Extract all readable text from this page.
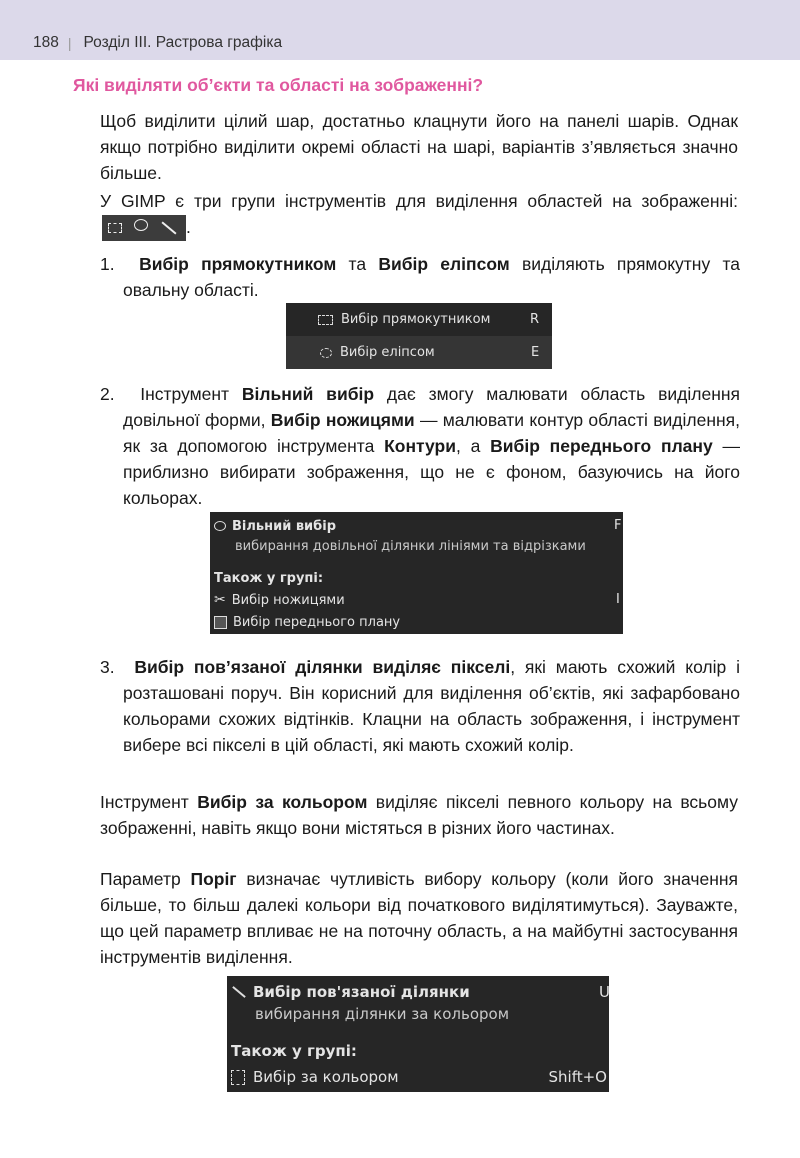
188 | Розділ III. Растрова графіка
Які виділяти об’єкти та області на зображенні?
Щоб виділити цілий шар, достатньо клацнути його на панелі шарів. Однак якщо потрібно виділити окремі області на шарі, варіантів з’являється значно більше.
У GIMP є три групи інструментів для виділення областей на зображенні:
.
1. Вибір прямокутником та Вибір еліпсом виділяють прямокутну та овальну області.
Вибір прямокутником	R
Вибір еліпсом	E
2. Інструмент Вільний вибір дає змогу малювати область виділення довільної форми, Вибір ножицями — малювати контур області виділення, як за допомогою інструмента Контури, а Вибір переднього плану — приблизно вибирати зображення, що не є фоном, базуючись на його кольорах.
Вільний вибір	F
вибирання довільної ділянки лініями та відрізками
Також у групі:
✂ Вибір ножицями	I
Вибір переднього плану
3. Вибір пов’язаної ділянки виділяє пікселі, які мають схожий колір і розташовані поруч. Він корисний для виділення об’єктів, які зафарбовано кольорами схожих відтінків. Клацни на область зображення, і інструмент вибере всі пікселі в цій області, які мають схожий колір.
Інструмент Вибір за кольором виділяє пікселі певного кольору на всьому зображенні, навіть якщо вони містяться в різних його частинах.
Параметр Поріг визначає чутливість вибору кольору (коли його значення більше, то більш далекі кольори від початкового виділятимуться). Зауважте, що цей параметр впливає не на поточну область, а на майбутні застосування інструментів виділення.
Вибір пов'язаної ділянки	U
вибирання ділянки за кольором
Також у групі:
Вибір за кольором	Shift+O
